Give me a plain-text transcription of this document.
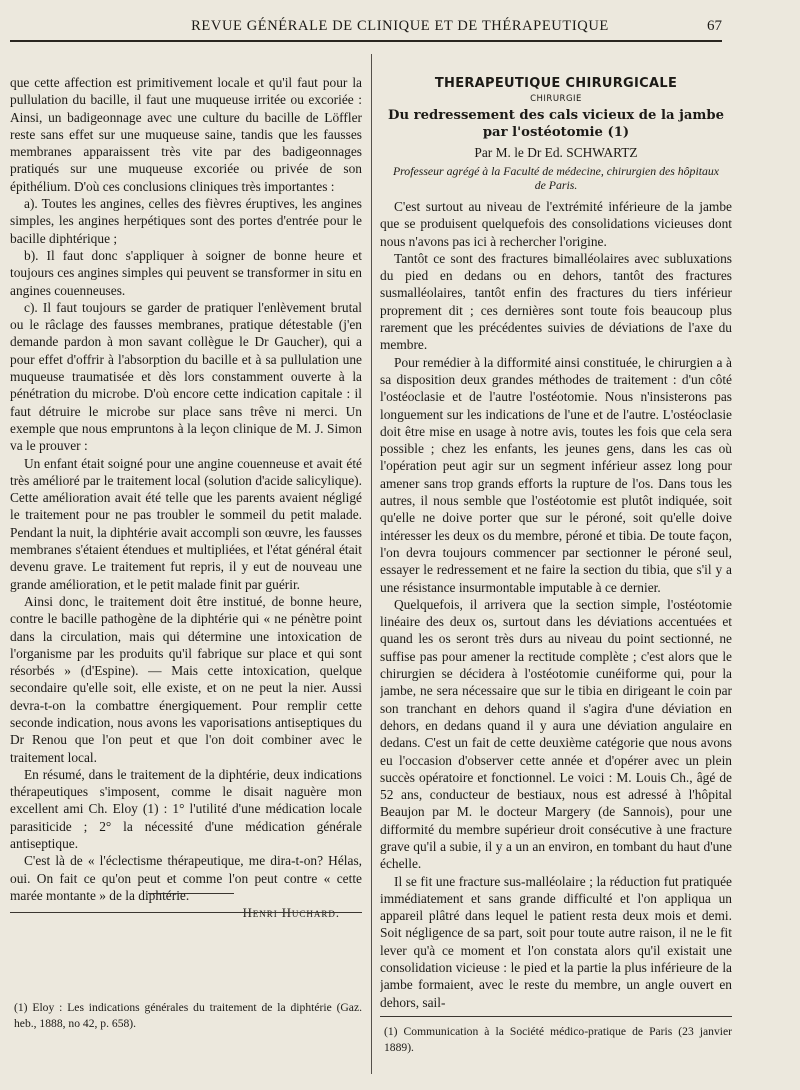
REVUE GÉNÉRALE DE CLINIQUE ET DE THÉRAPEUTIQUE	67

que cette affection est primitivement locale et qu'il faut pour la pullulation du bacille, il faut une muqueuse irritée ou excoriée : Ainsi, un badigeonnage avec une culture du bacille de Löffler reste sans effet sur une muqueuse saine, tandis que les fausses membranes apparaissent très vite par des badigeonnages pratiqués sur une muqueuse excoriée ou privée de son épithélium. D'où ces conclusions cliniques très importantes :

a). Toutes les angines, celles des fièvres éruptives, les angines simples, les angines herpétiques sont des portes d'entrée pour le bacille diphtérique ;

b). Il faut donc s'appliquer à soigner de bonne heure et toujours ces angines simples qui peuvent se transformer in situ en angines couenneuses.

c). Il faut toujours se garder de pratiquer l'enlèvement brutal ou le râclage des fausses membranes, pratique détestable (j'en demande pardon à mon savant collègue le Dr Gaucher), qui a pour effet d'offrir à l'absorption du bacille et à sa pullulation une muqueuse traumatisée et dès lors constamment ouverte à la pénétration du microbe. D'où encore cette indication capitale : il faut détruire le microbe sur place sans trêve ni merci. Un exemple que nous empruntons à la leçon clinique de M. J. Simon va le prouver :

Un enfant était soigné pour une angine couenneuse et avait été très amélioré par le traitement local (solution d'acide salicylique). Cette amélioration avait été telle que les parents avaient négligé le traitement pour ne pas troubler le sommeil du petit malade. Pendant la nuit, la diphtérie avait accompli son œuvre, les fausses membranes s'étaient étendues et multipliées, et l'état général était devenu grave. Le traitement fut repris, il y eut de nouveau une grande amélioration, et le petit malade finit par guérir.

Ainsi donc, le traitement doit être institué, de bonne heure, contre le bacille pathogène de la diphtérie qui « ne pénètre point dans la circulation, mais qui détermine une intoxication de l'organisme par les produits qu'il fabrique sur place et qui sont résorbés » (d'Espine). — Mais cette intoxication, quelque secondaire qu'elle soit, elle existe, et on ne peut la nier. Aussi devra-t-on la combattre énergiquement. Pour remplir cette seconde indication, nous avons les vaporisations antiseptiques du Dr Renou que l'on peut et que l'on doit combiner avec le traitement local.

En résumé, dans le traitement de la diphtérie, deux indications thérapeutiques s'imposent, comme le disait naguère mon excellent ami Ch. Eloy (1) : 1° l'utilité d'une médication locale parasiticide ; 2° la nécessité d'une médication générale antiseptique.

C'est là de « l'éclectisme thérapeutique, me dira-t-on? Hélas, oui. On fait ce qu'on peut et comme l'on peut contre « cette marée montante » de la diphtérie.

Henri Huchard.
(1) Eloy : Les indications générales du traitement de la diphtérie (Gaz. heb., 1888, no 42, p. 658).
THERAPEUTIQUE CHIRURGICALE
CHIRURGIE
Du redressement des cals vicieux de la jambe par l'ostéotomie (1)
Par M. le Dr Ed. SCHWARTZ
Professeur agrégé à la Faculté de médecine, chirurgien des hôpitaux de Paris.

C'est surtout au niveau de l'extrémité inférieure de la jambe que se produisent quelquefois des consolidations vicieuses dont nous n'avons pas ici à rechercher l'origine.

Tantôt ce sont des fractures bimalléolaires avec subluxations du pied en dedans ou en dehors, tantôt des fractures susmalléolaires, tantôt enfin des fractures du tiers inférieur proprement dit ; ces dernières sont toute fois beaucoup plus rarement que les précédentes suivies de déviations de l'axe du membre.

Pour remédier à la difformité ainsi constituée, le chirurgien a à sa disposition deux grandes méthodes de traitement : d'un côté l'ostéoclasie et de l'autre l'ostéotomie. Nous n'insisterons pas longuement sur les indications de l'une et de l'autre. L'ostéoclasie doit être mise en usage à notre avis, toutes les fois que cela sera possible ; chez les enfants, les jeunes gens, dans les cas où l'opération peut agir sur un segment inférieur assez long pour amener sans trop grands efforts la rupture de l'os. Dans tous les autres, il nous semble que l'ostéotomie est plutôt indiquée, soit qu'elle ne doive porter que sur le péroné, soit qu'elle doive intéresser les deux os du membre, péroné et tibia. De toute façon, l'on devra toujours commencer par sectionner le péroné seul, essayer le redressement et ne faire la section du tibia, que s'il y a une résistance insurmontable imputable à ce dernier.

Quelquefois, il arrivera que la section simple, l'ostéotomie linéaire des deux os, surtout dans les déviations accentuées et quand les os seront très durs au niveau du point sectionné, ne suffise pas pour amener la rectitude complète ; c'est alors que le chirurgien se décidera à l'ostéotomie cunéiforme qui, pour la jambe, ne sera nécessaire que sur le tibia en dirigeant le coin par son tranchant en dehors quand il s'agira d'une déviation en dehors, en dedans quand il y aura une déviation angulaire en dedans. C'est un fait de cette deuxième catégorie que nous avons eu l'occasion d'observer cette année et d'opérer avec un plein succès opératoire et fonctionnel. Le voici : M. Louis Ch., âgé de 52 ans, conducteur de bestiaux, nous est adressé à l'hôpital Beaujon par M. le docteur Margery (de Sannois), pour une difformité du membre supérieur droit consécutive à une fracture grave qu'il a subie, il y a un an environ, en tombant du haut d'une échelle.

Il se fit une fracture sus-malléolaire ; la réduction fut pratiquée immédiatement et sans grande difficulté et l'on appliqua un appareil plâtré dans lequel le patient resta deux mois et demi. Soit négligence de sa part, soit pour toute autre raison, il ne le fit lever qu'à ce moment et l'on constata alors qu'il existait une consolidation vicieuse : le pied et la partie la plus inférieure de la jambe formaient, avec le reste du membre, un angle ouvert en dehors, sail-

(1) Communication à la Société médico-pratique de Paris (23 janvier 1889).
